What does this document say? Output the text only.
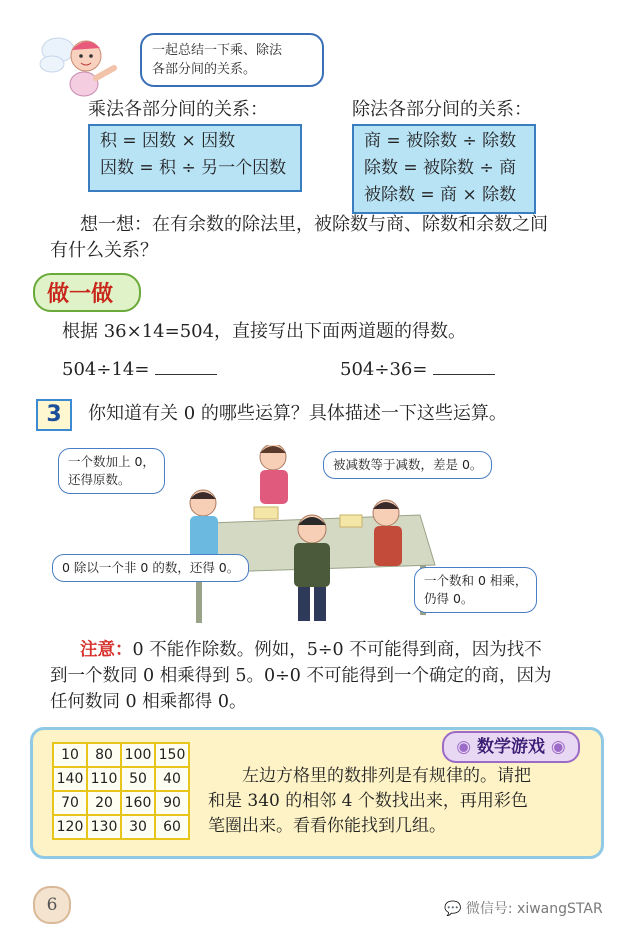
一起总结一下乘、除法
各部分间的关系。
乘法各部分间的关系：
积 = 因数 × 因数
因数 = 积 ÷ 另一个因数
除法各部分间的关系：
商 = 被除数 ÷ 除数
除数 = 被除数 ÷ 商
被除数 = 商 × 除数
想一想：在有余数的除法里，被除数与商、除数和余数之间
有什么关系？
做一做
根据 36×14=504，直接写出下面两道题的得数。
504÷14=	504÷36=
3	你知道有关 0 的哪些运算？具体描述一下这些运算。
一个数加上 0，
还得原数。
被减数等于减数，差是 0。
0 除以一个非 0 的数，还得 0。
一个数和 0 相乘，
仍得 0。
注意：0 不能作除数。例如，5÷0 不可能得到商，因为找不
到一个数同 0 相乘得到 5。0÷0 不可能得到一个确定的商，因为
任何数同 0 相乘都得 0。
◉ 数学游戏 ◉
10	80	100	150
140	110	50	40
70	20	160	90
120	130	30	60
左边方格里的数排列是有规律的。请把
和是 340 的相邻 4 个数找出来，再用彩色
笔圈出来。看看你能找到几组。
6	💬 微信号: xiwangSTAR
